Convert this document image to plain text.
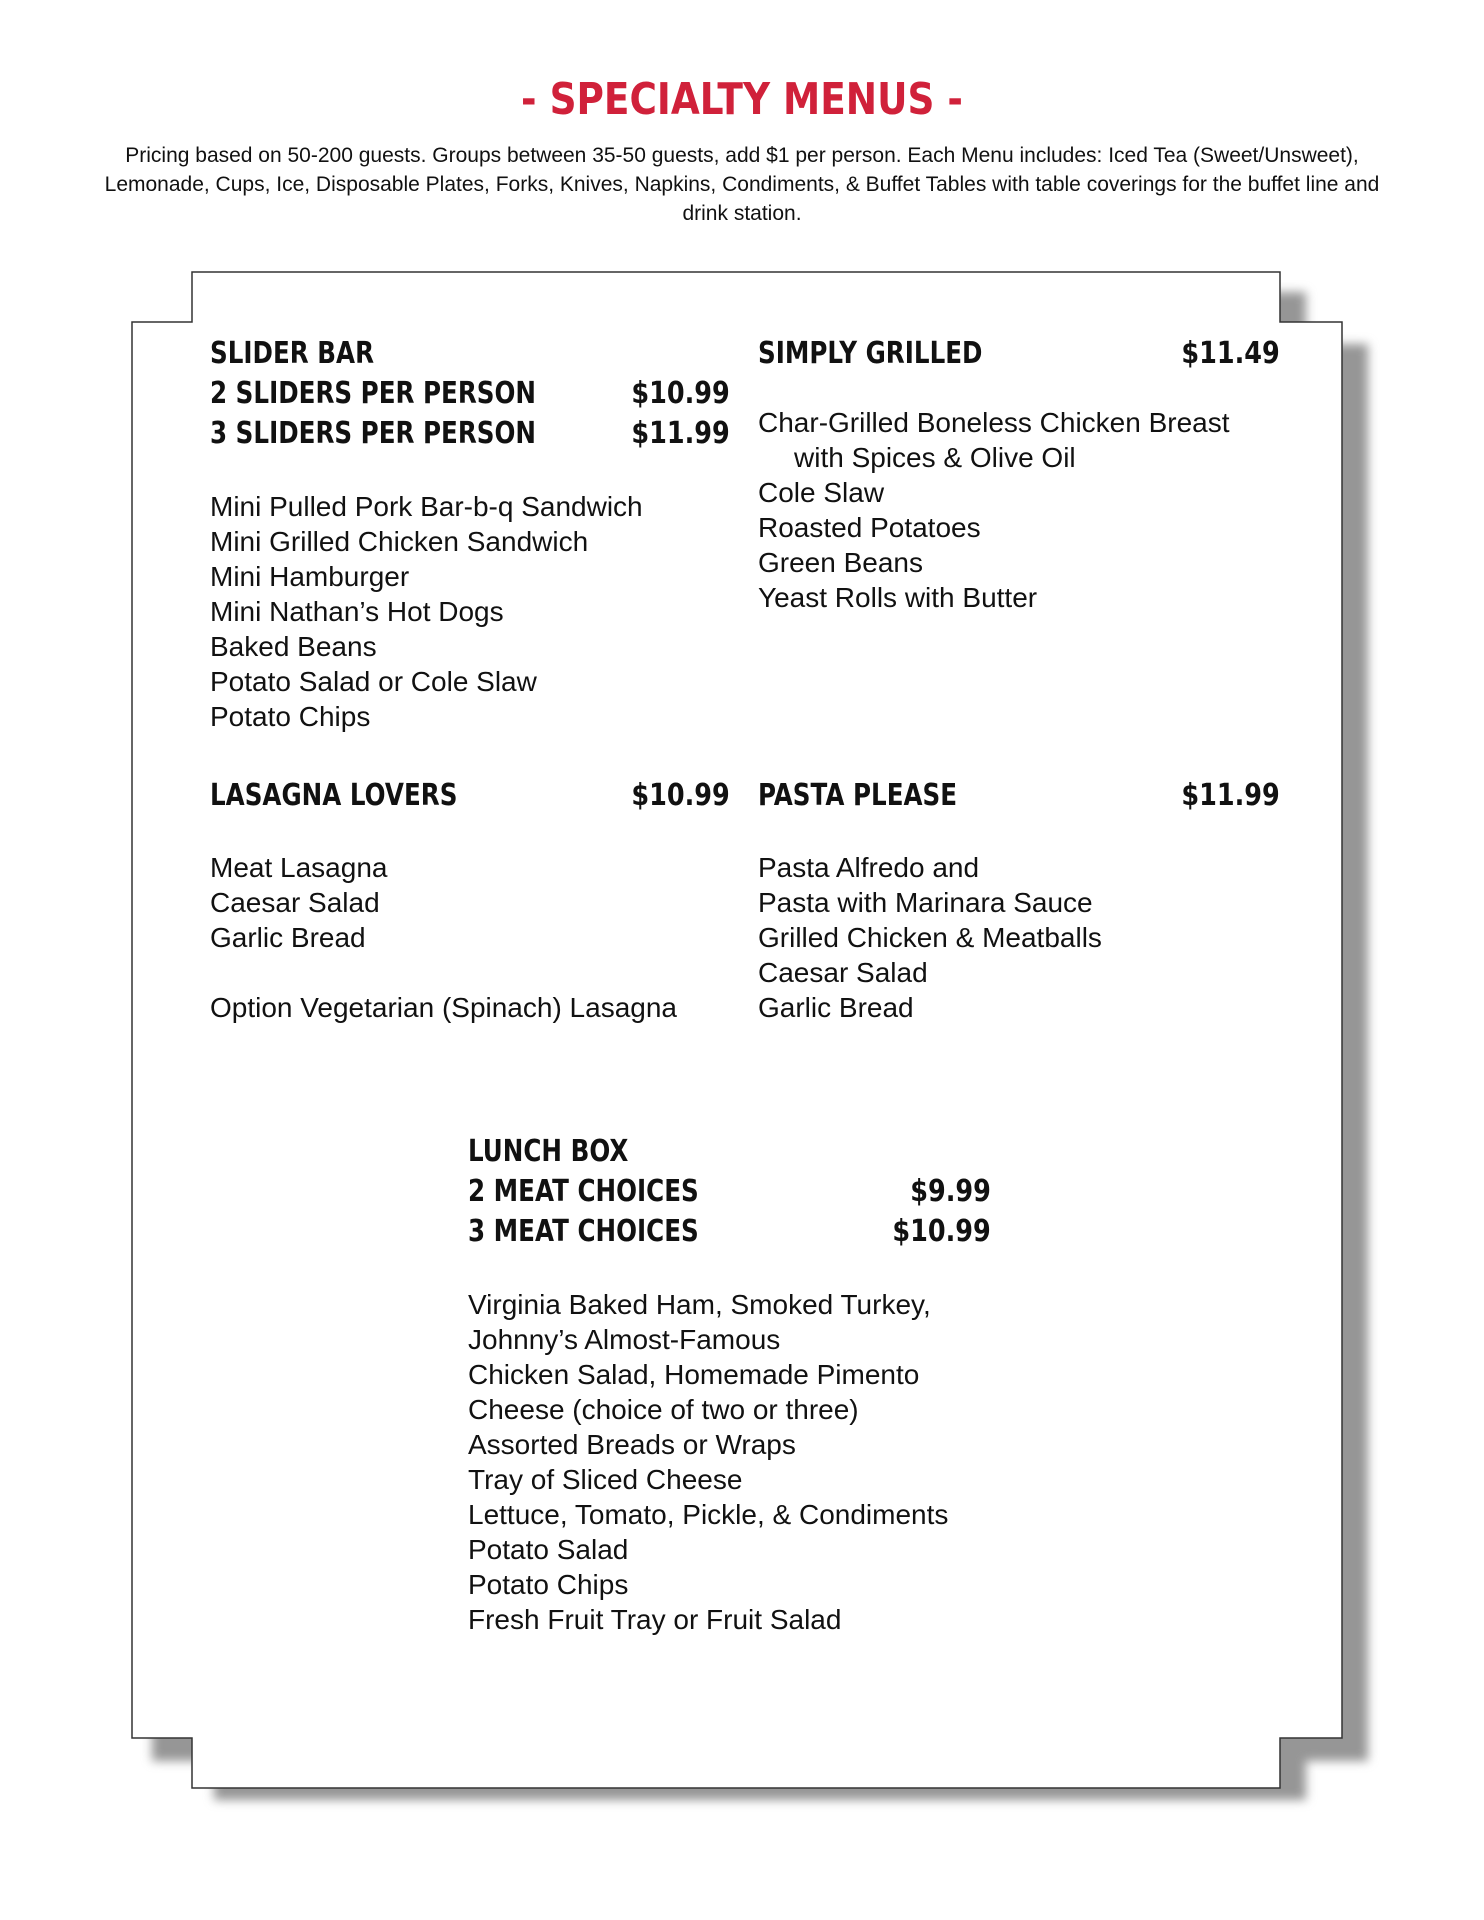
- SPECIALTY MENUS -
Pricing based on 50-200 guests. Groups between 35-50 guests, add $1 per person. Each Menu includes: Iced Tea (Sweet/Unsweet), Lemonade, Cups, Ice, Disposable Plates, Forks, Knives, Napkins, Condiments, & Buffet Tables with table coverings for the buffet line and drink station.
SLIDER BAR
2 SLIDERS PER PERSON	$10.99
3 SLIDERS PER PERSON	$11.99
Mini Pulled Pork Bar-b-q Sandwich
Mini Grilled Chicken Sandwich
Mini Hamburger
Mini Nathan’s Hot Dogs
Baked Beans
Potato Salad or Cole Slaw
Potato Chips
SIMPLY GRILLED	$11.49
Char-Grilled Boneless Chicken Breast
with Spices & Olive Oil
Cole Slaw
Roasted Potatoes
Green Beans
Yeast Rolls with Butter
LASAGNA LOVERS	$10.99
Meat Lasagna
Caesar Salad
Garlic Bread
Option Vegetarian (Spinach) Lasagna
PASTA PLEASE	$11.99
Pasta Alfredo and
Pasta with Marinara Sauce
Grilled Chicken & Meatballs
Caesar Salad
Garlic Bread
LUNCH BOX
2 MEAT CHOICES	$9.99
3 MEAT CHOICES	$10.99
Virginia Baked Ham, Smoked Turkey,
Johnny’s Almost-Famous
Chicken Salad, Homemade Pimento
Cheese (choice of two or three)
Assorted Breads or Wraps
Tray of Sliced Cheese
Lettuce, Tomato, Pickle, & Condiments
Potato Salad
Potato Chips
Fresh Fruit Tray or Fruit Salad
